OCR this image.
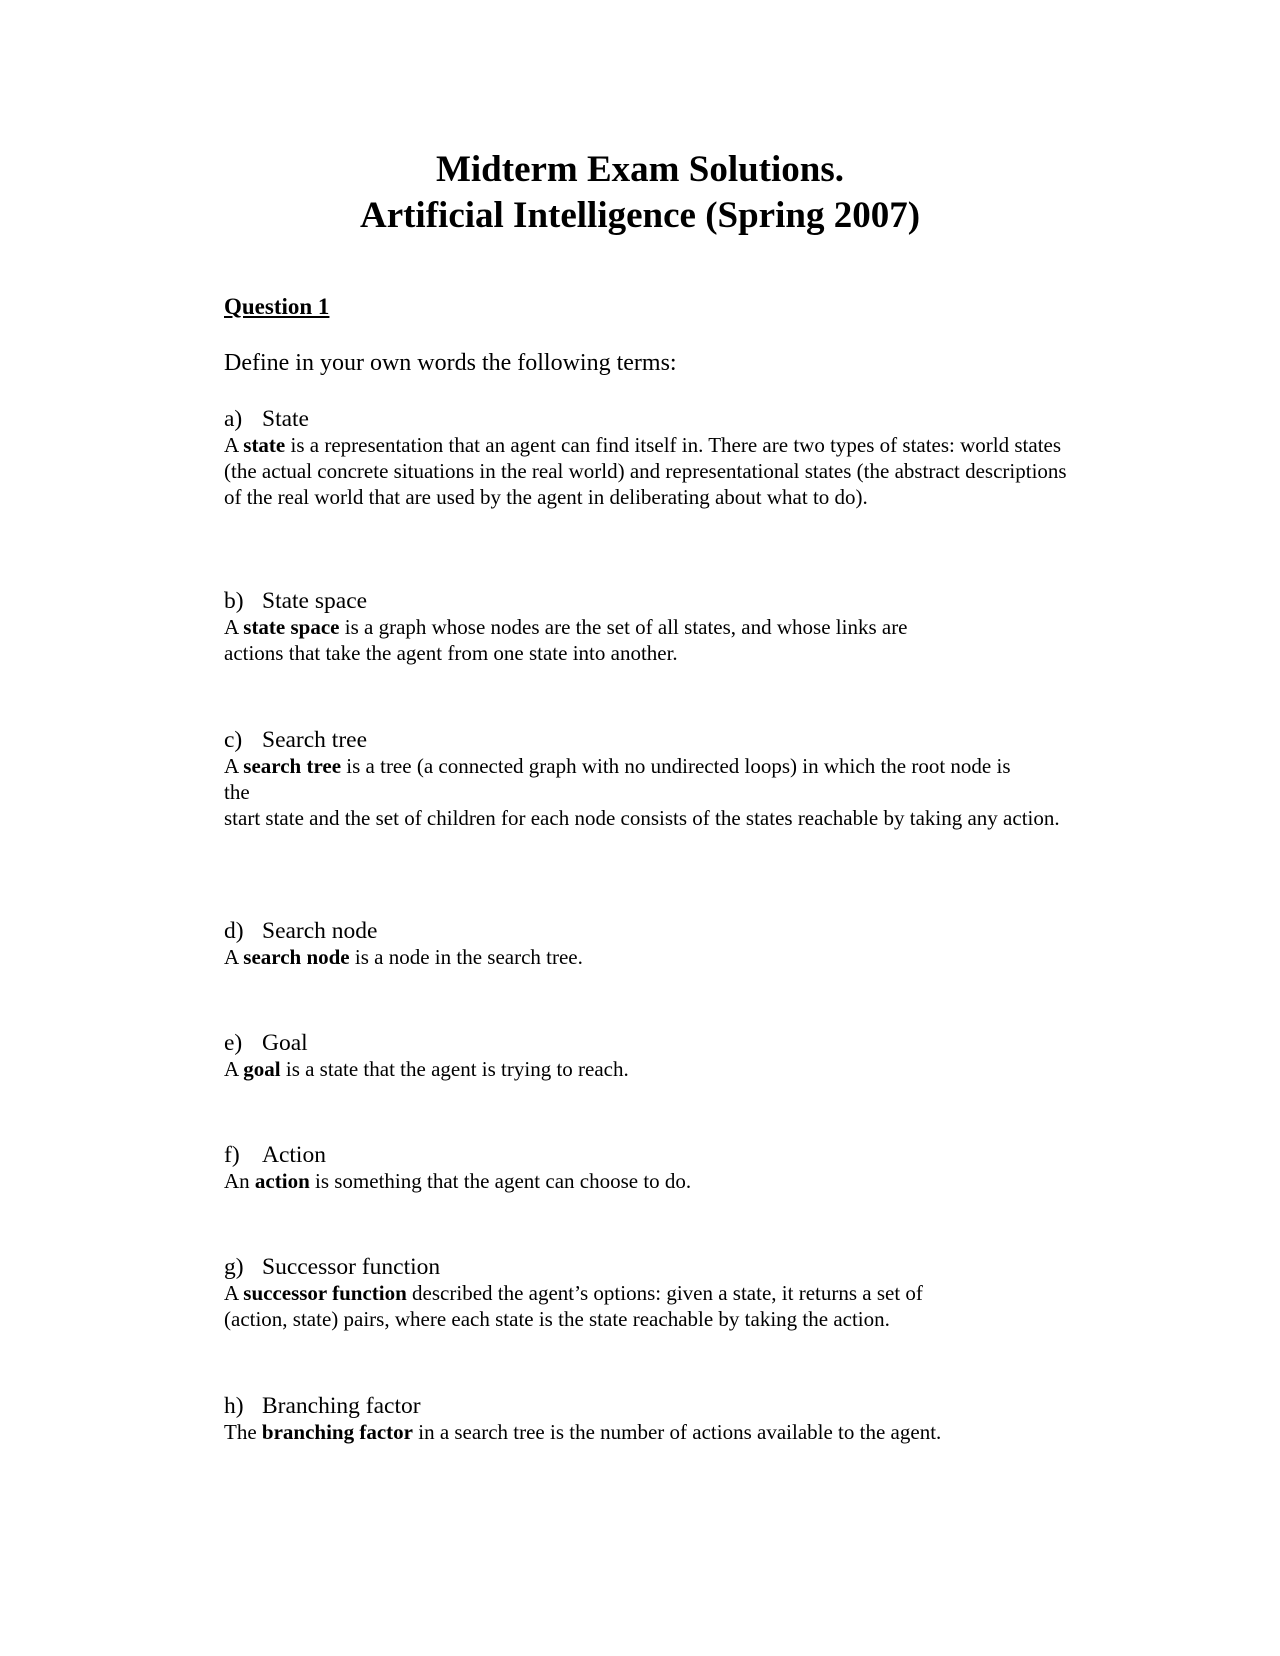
Midterm Exam Solutions.
Artificial Intelligence (Spring 2007)
Question 1
Define in your own words the following terms:
a) State
A state is a representation that an agent can find itself in. There are two types of states: world states (the actual concrete situations in the real world) and representational states (the abstract descriptions of the real world that are used by the agent in deliberating about what to do).
b) State space
A state space is a graph whose nodes are the set of all states, and whose links are
actions that take the agent from one state into another.
c) Search tree
A search tree is a tree (a connected graph with no undirected loops) in which the root node is
the
start state and the set of children for each node consists of the states reachable by taking any action.
d) Search node
A search node is a node in the search tree.
e) Goal
A goal is a state that the agent is trying to reach.
f) Action
An action is something that the agent can choose to do.
g) Successor function
A successor function described the agent’s options: given a state, it returns a set of
(action, state) pairs, where each state is the state reachable by taking the action.
h) Branching factor
The branching factor in a search tree is the number of actions available to the agent.
